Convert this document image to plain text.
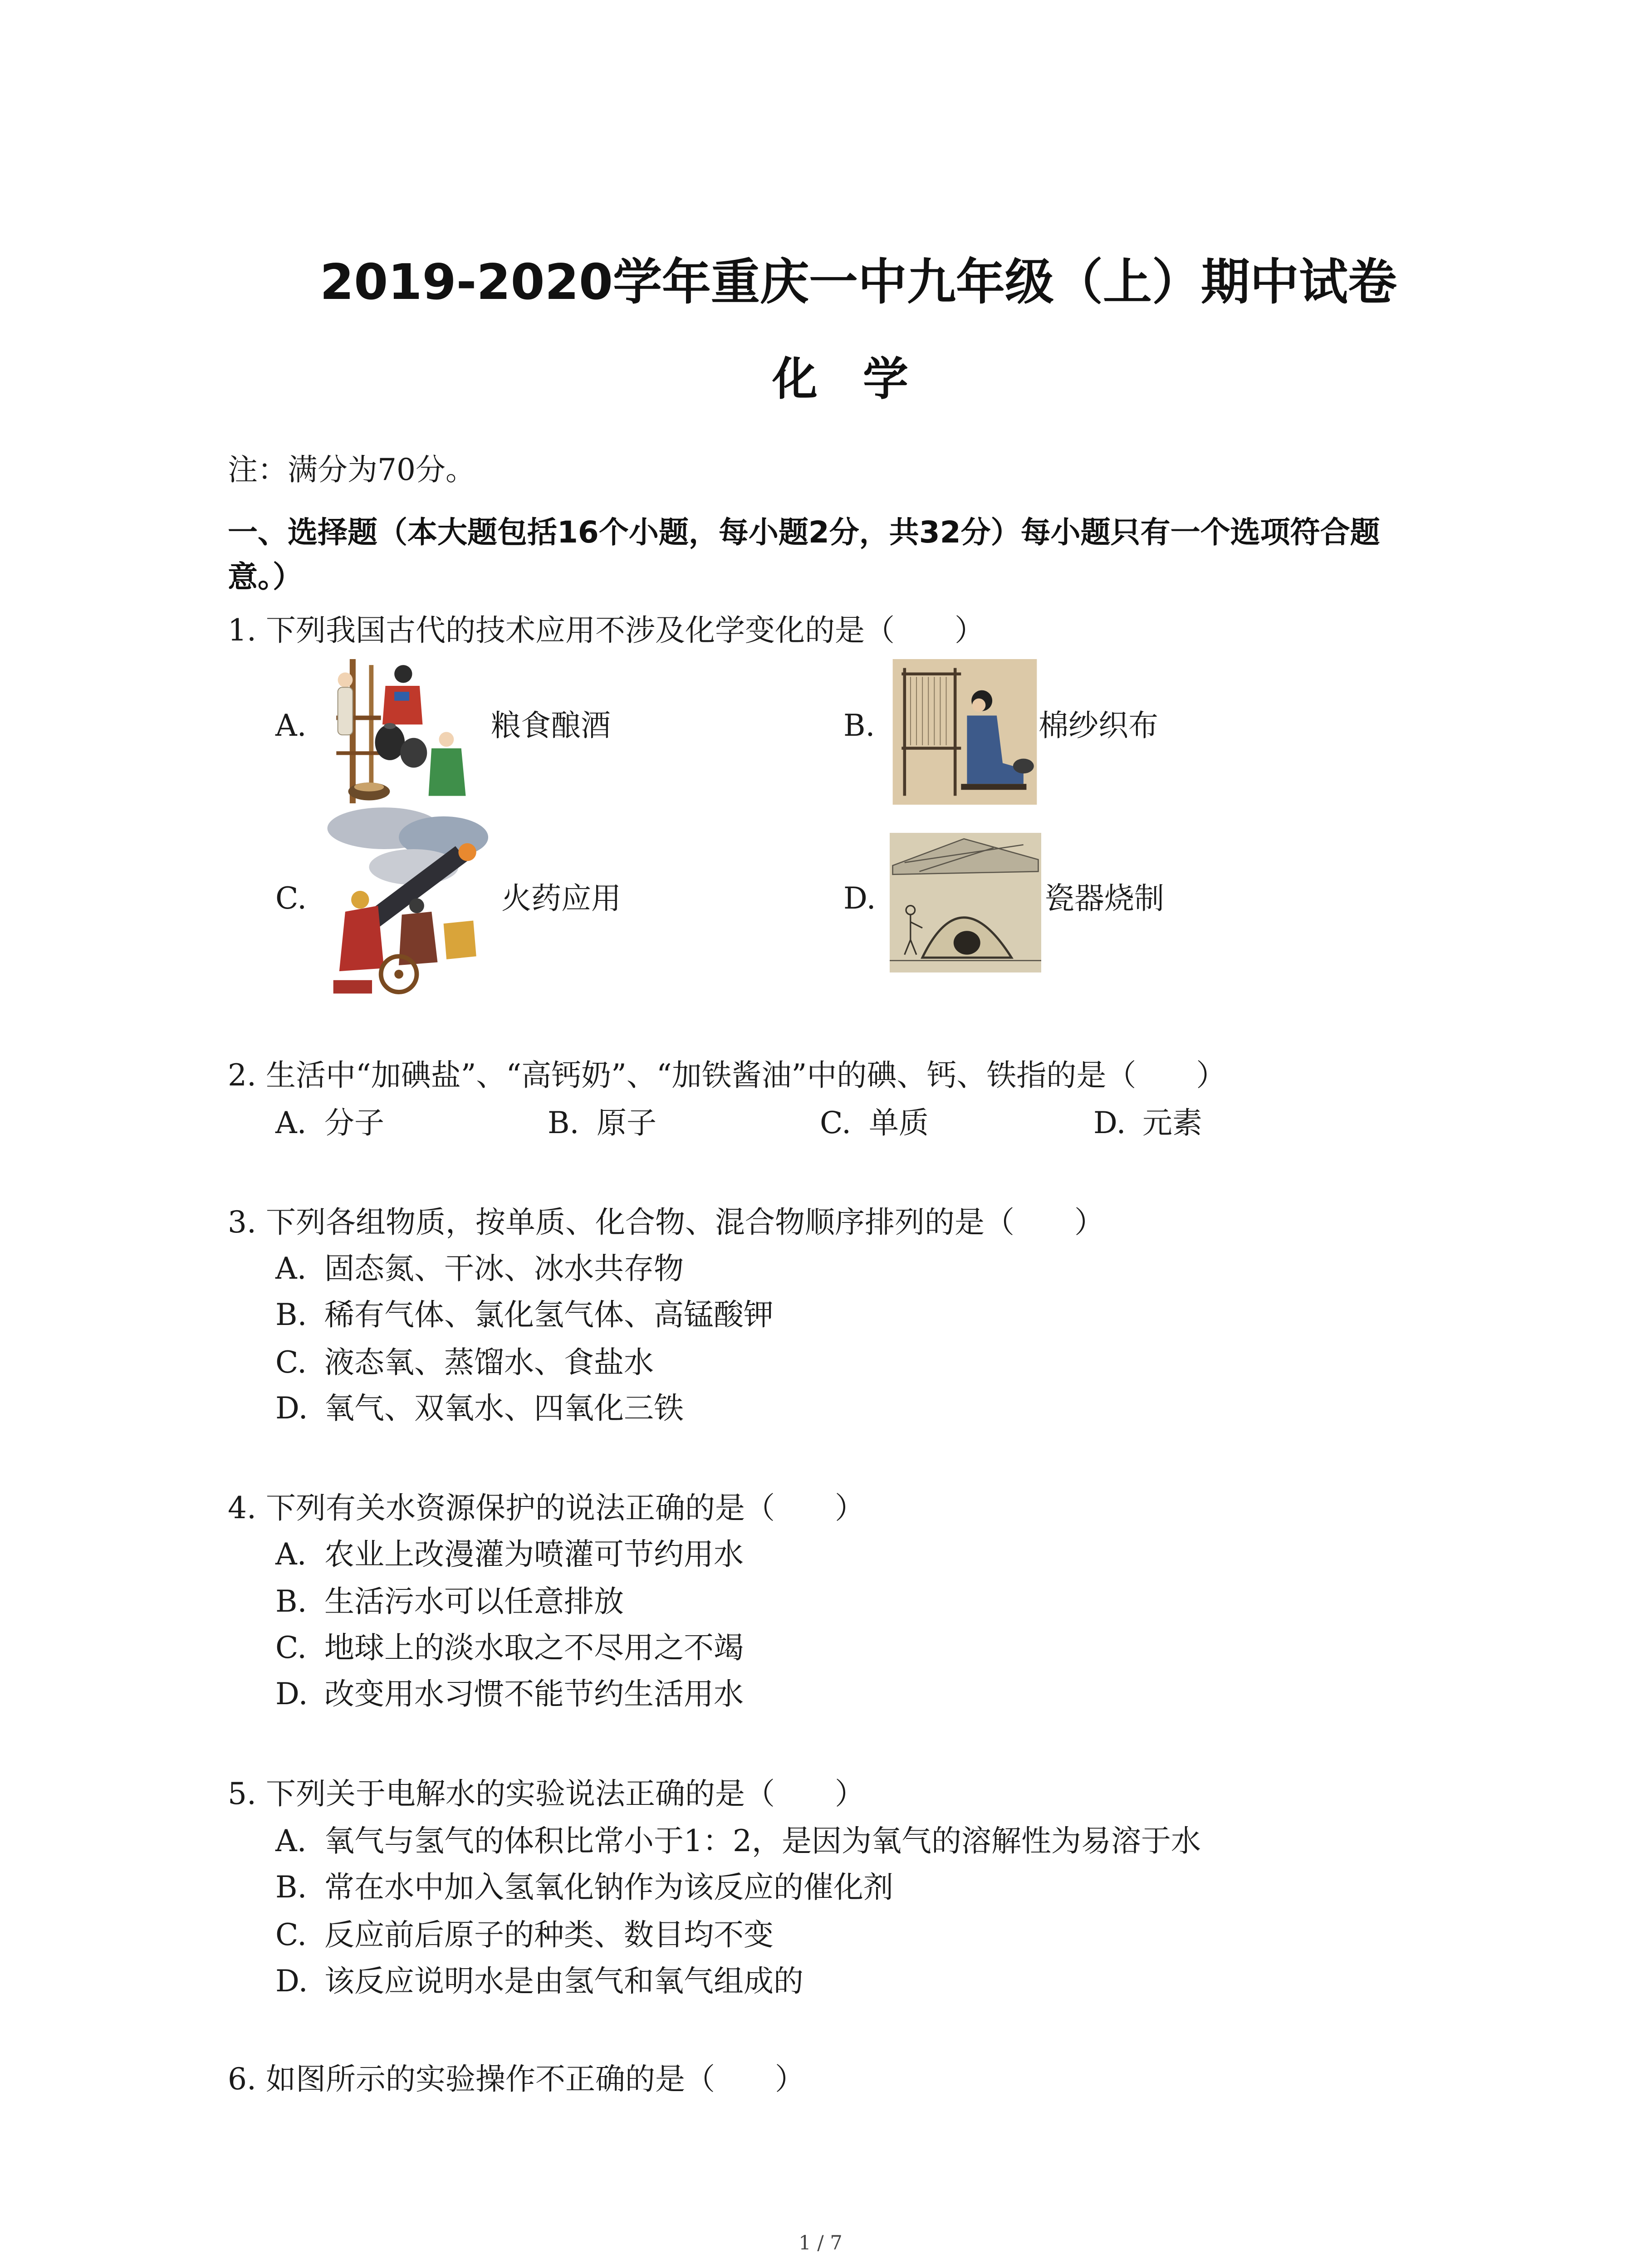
2019-2020学年重庆一中九年级（上）期中试卷
化　学
注：满分为70分。
一、选择题（本大题包括16个小题，每小题2分，共32分）每小题只有一个选项符合题
意。）
1. 下列我国古代的技术应用不涉及化学变化的是（　　）
A.	粮食酿酒	B.	棉纱织布
C.	火药应用	D.	瓷器烧制
2. 生活中“加碘盐”、“高钙奶”、“加铁酱油”中的碘、钙、铁指的是（　　）
A. 分子	B. 原子	C. 单质	D. 元素
3. 下列各组物质，按单质、化合物、混合物顺序排列的是（　　）
A. 固态氮、干冰、冰水共存物
B. 稀有气体、氯化氢气体、高锰酸钾
C. 液态氧、蒸馏水、食盐水
D. 氧气、双氧水、四氧化三铁
4. 下列有关水资源保护的说法正确的是（　　）
A. 农业上改漫灌为喷灌可节约用水
B. 生活污水可以任意排放
C. 地球上的淡水取之不尽用之不竭
D. 改变用水习惯不能节约生活用水
5. 下列关于电解水的实验说法正确的是（　　）
A. 氧气与氢气的体积比常小于1：2，是因为氧气的溶解性为易溶于水
B. 常在水中加入氢氧化钠作为该反应的催化剂
C. 反应前后原子的种类、数目均不变
D. 该反应说明水是由氢气和氧气组成的
6. 如图所示的实验操作不正确的是（　　）
1 / 7
